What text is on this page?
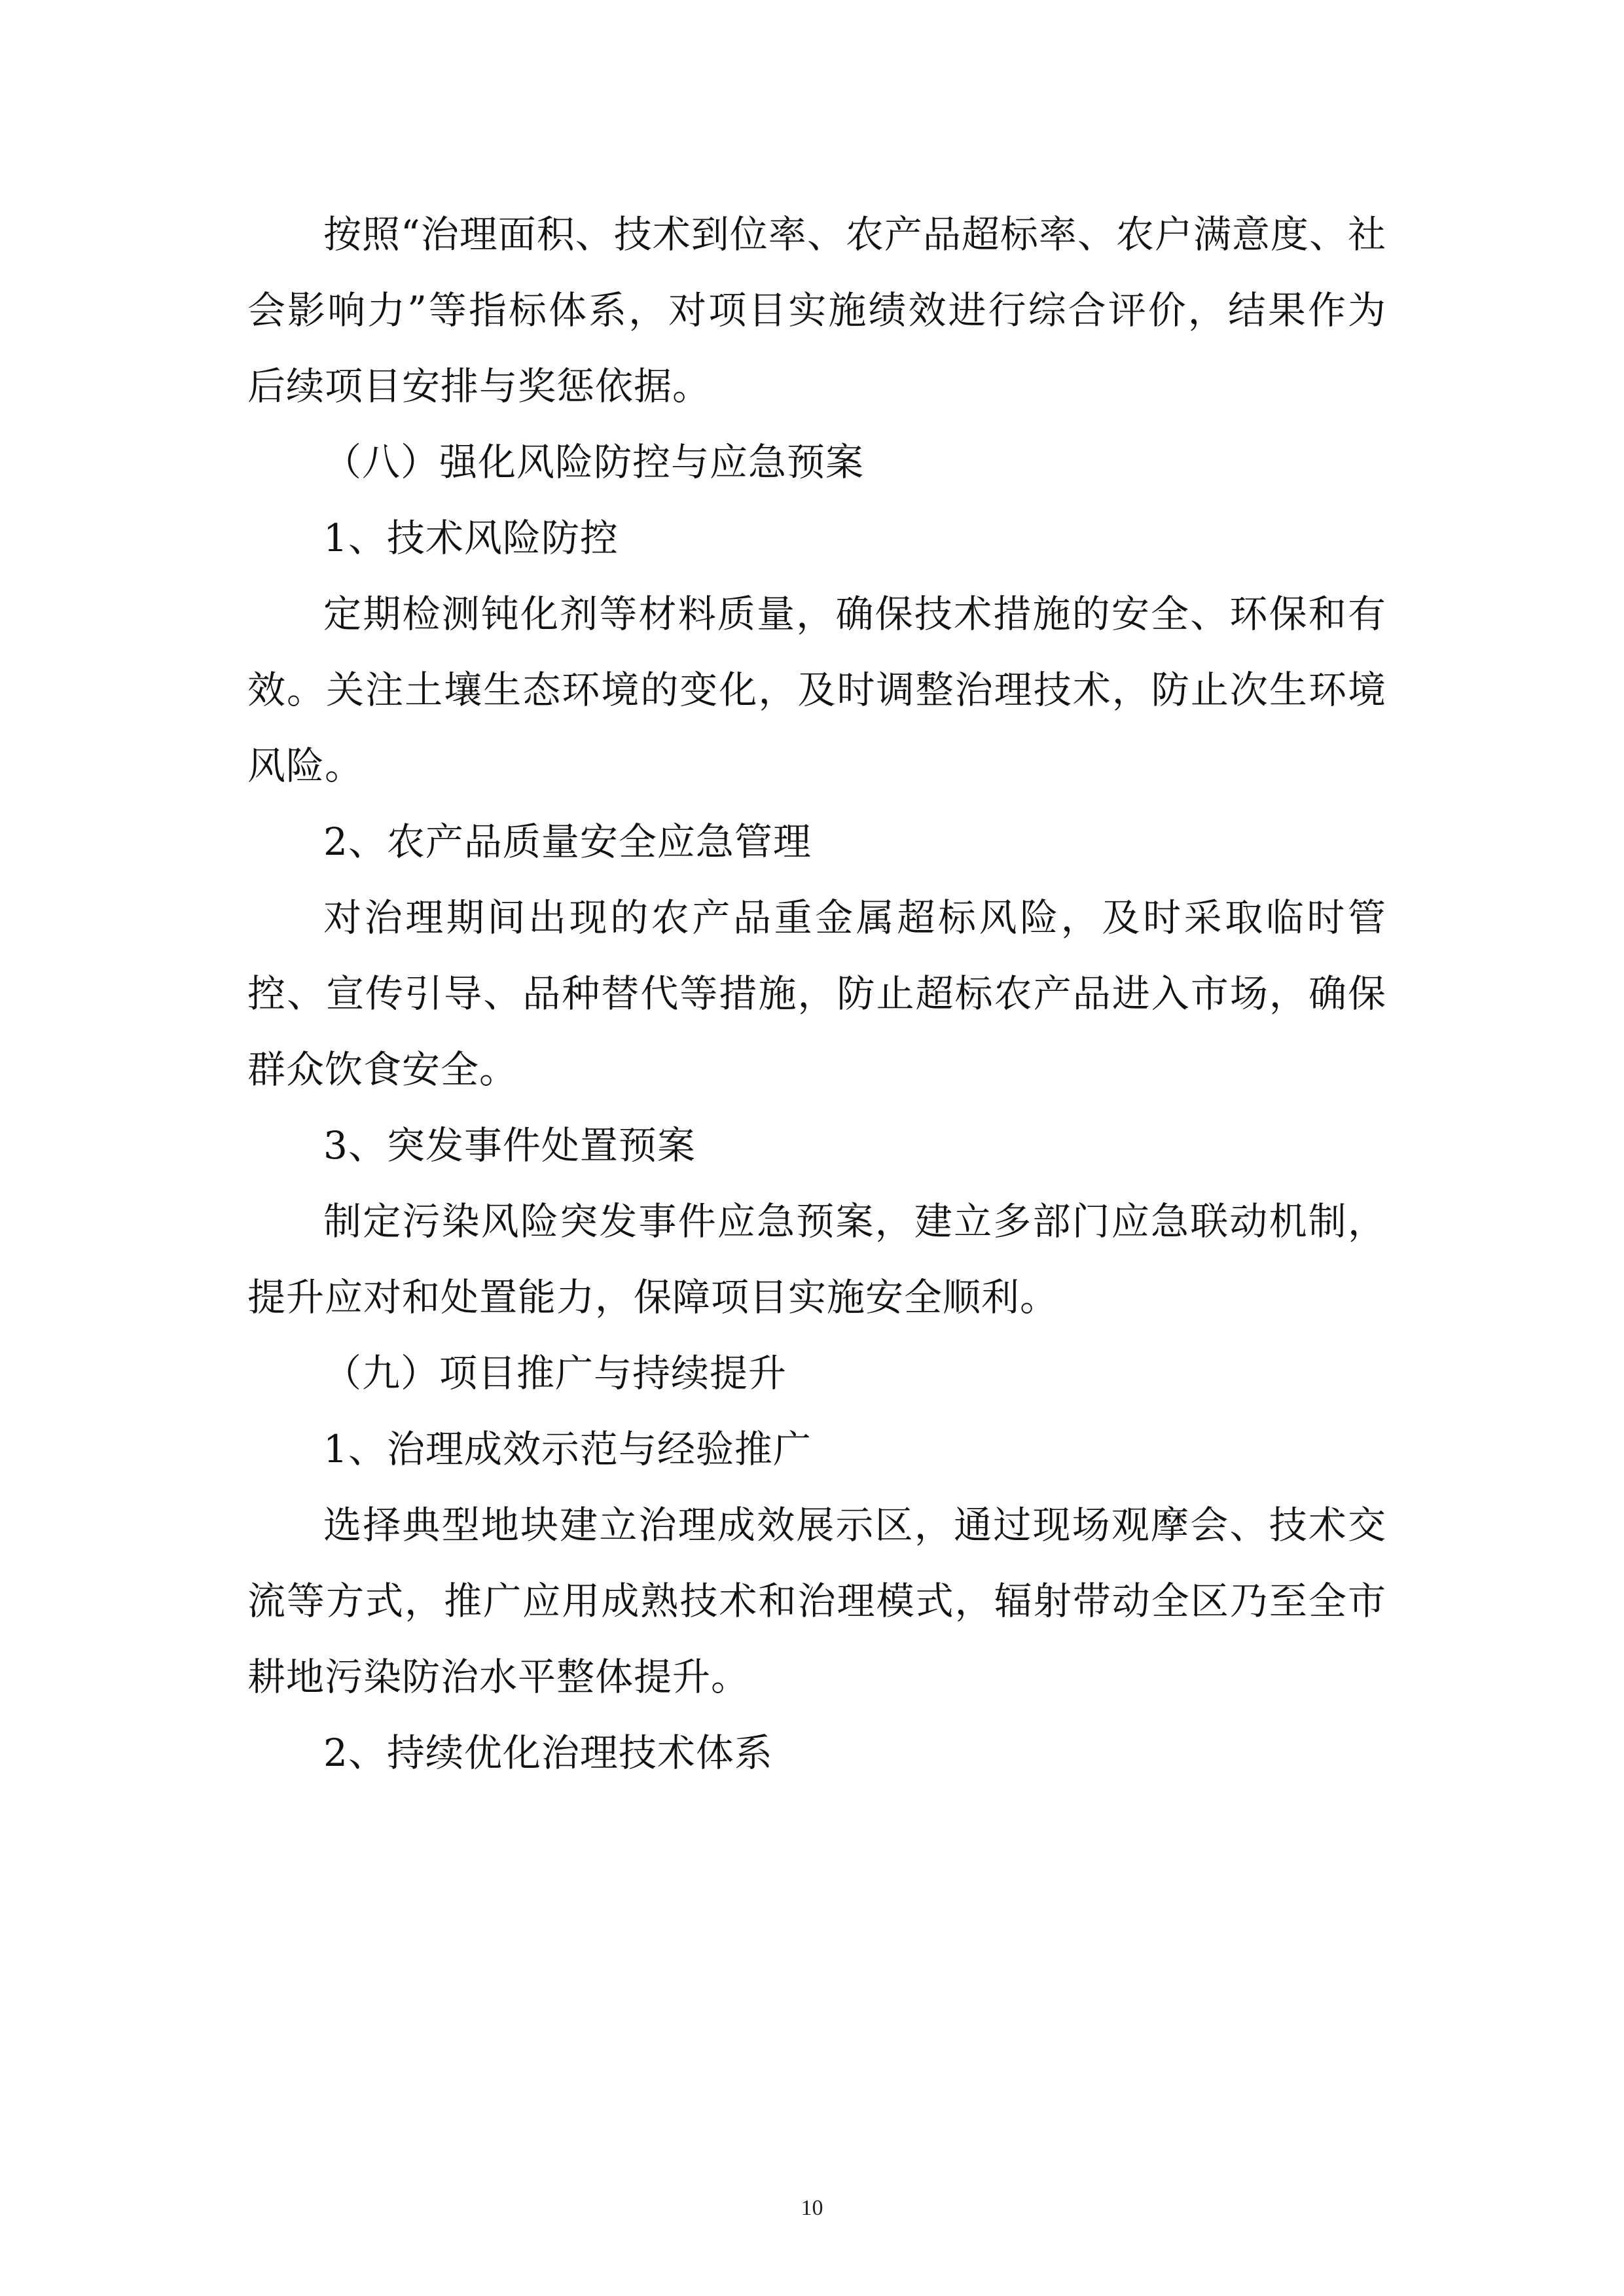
按照“治理面积、技术到位率、农产品超标率、农户满意度、社会影响力”等指标体系，对项目实施绩效进行综合评价，结果作为后续项目安排与奖惩依据。

（八）强化风险防控与应急预案

1、技术风险防控

定期检测钝化剂等材料质量，确保技术措施的安全、环保和有效。关注土壤生态环境的变化，及时调整治理技术，防止次生环境风险。

2、农产品质量安全应急管理

对治理期间出现的农产品重金属超标风险，及时采取临时管控、宣传引导、品种替代等措施，防止超标农产品进入市场，确保群众饮食安全。

3、突发事件处置预案

制定污染风险突发事件应急预案，建立多部门应急联动机制，提升应对和处置能力，保障项目实施安全顺利。

（九）项目推广与持续提升

1、治理成效示范与经验推广

选择典型地块建立治理成效展示区，通过现场观摩会、技术交流等方式，推广应用成熟技术和治理模式，辐射带动全区乃至全市耕地污染防治水平整体提升。

2、持续优化治理技术体系

10
